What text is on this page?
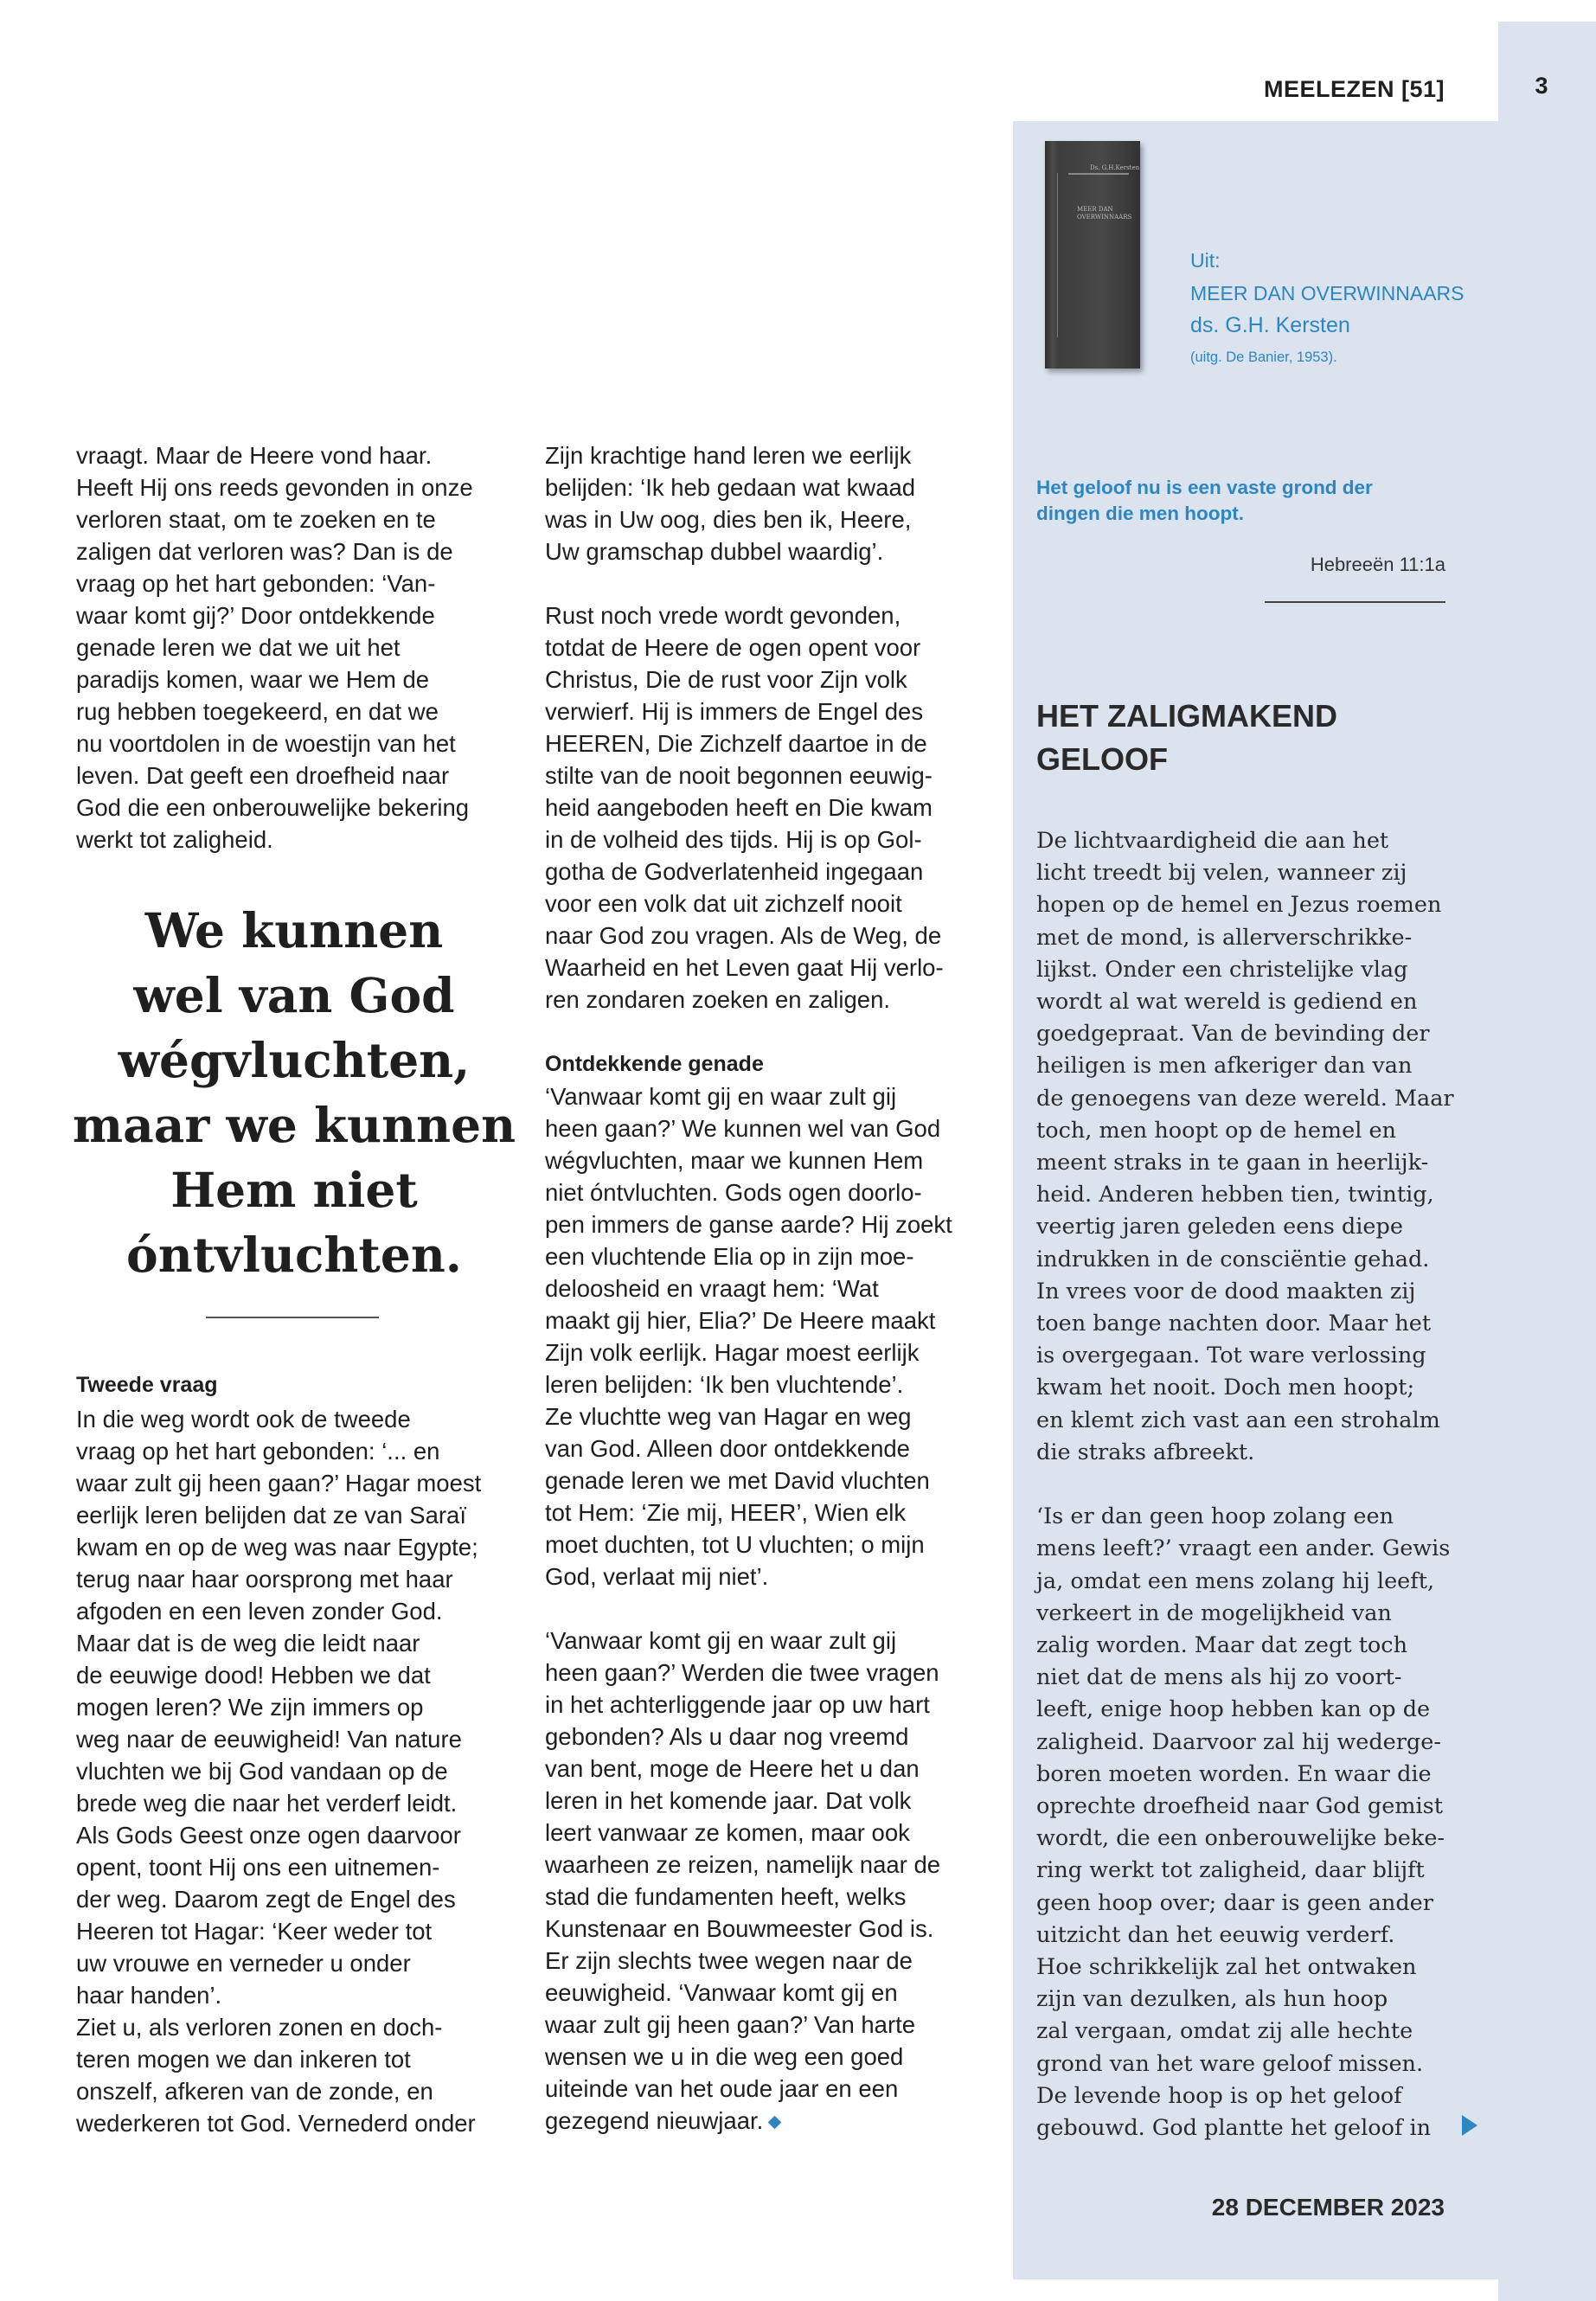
3
MEELEZEN [51]
Ds. G.H.Kersten
MEER DAN OVERWINNAARS
Uit:
MEER DAN OVERWINNAARS
ds. G.H. Kersten
(uitg. De Banier, 1953).
Het geloof nu is een vaste grond der
dingen die men hoopt.
Hebreeën 11:1a
HET ZALIGMAKEND
GELOOF
De lichtvaardigheid die aan het
licht treedt bij velen, wanneer zij
hopen op de hemel en Jezus roemen
met de mond, is allerverschrikke-
lijkst. Onder een christelijke vlag
wordt al wat wereld is gediend en
goedgepraat. Van de bevinding der
heiligen is men afkeriger dan van
de genoegens van deze wereld. Maar
toch, men hoopt op de hemel en
meent straks in te gaan in heerlijk-
heid. Anderen hebben tien, twintig,
veertig jaren geleden eens diepe
indrukken in de consciëntie gehad.
In vrees voor de dood maakten zij
toen bange nachten door. Maar het
is overgegaan. Tot ware verlossing
kwam het nooit. Doch men hoopt;
en klemt zich vast aan een strohalm
die straks afbreekt.
‘Is er dan geen hoop zolang een
mens leeft?’ vraagt een ander. Gewis
ja, omdat een mens zolang hij leeft,
verkeert in de mogelijkheid van
zalig worden. Maar dat zegt toch
niet dat de mens als hij zo voort-
leeft, enige hoop hebben kan op de
zaligheid. Daarvoor zal hij wederge-
boren moeten worden. En waar die
oprechte droefheid naar God gemist
wordt, die een onberouwelijke beke-
ring werkt tot zaligheid, daar blijft
geen hoop over; daar is geen ander
uitzicht dan het eeuwig verderf.
Hoe schrikkelijk zal het ontwaken
zijn van dezulken, als hun hoop
zal vergaan, omdat zij alle hechte
grond van het ware geloof missen.
De levende hoop is op het geloof
gebouwd. God plantte het geloof in
28 DECEMBER 2023
vraagt. Maar de Heere vond haar.
Heeft Hij ons reeds gevonden in onze
verloren staat, om te zoeken en te
zaligen dat verloren was? Dan is de
vraag op het hart gebonden: ‘Van-
waar komt gij?’ Door ontdekkende
genade leren we dat we uit het
paradijs komen, waar we Hem de
rug hebben toegekeerd, en dat we
nu voortdolen in de woestijn van het
leven. Dat geeft een droefheid naar
God die een onberouwelijke bekering
werkt tot zaligheid.
We kunnen
wel van God
wégvluchten,
maar we kunnen
Hem niet
óntvluchten.
Tweede vraag
In die weg wordt ook de tweede
vraag op het hart gebonden: ‘... en
waar zult gij heen gaan?’ Hagar moest
eerlijk leren belijden dat ze van Saraï
kwam en op de weg was naar Egypte;
terug naar haar oorsprong met haar
afgoden en een leven zonder God.
Maar dat is de weg die leidt naar
de eeuwige dood! Hebben we dat
mogen leren? We zijn immers op
weg naar de eeuwigheid! Van nature
vluchten we bij God vandaan op de
brede weg die naar het verderf leidt.
Als Gods Geest onze ogen daarvoor
opent, toont Hij ons een uitnemen-
der weg. Daarom zegt de Engel des
Heeren tot Hagar: ‘Keer weder tot
uw vrouwe en verneder u onder
haar handen’.
Ziet u, als verloren zonen en doch-
teren mogen we dan inkeren tot
onszelf, afkeren van de zonde, en
wederkeren tot God. Vernederd onder
Zijn krachtige hand leren we eerlijk
belijden: ‘Ik heb gedaan wat kwaad
was in Uw oog, dies ben ik, Heere,
Uw gramschap dubbel waardig’.
Rust noch vrede wordt gevonden,
totdat de Heere de ogen opent voor
Christus, Die de rust voor Zijn volk
verwierf. Hij is immers de Engel des
HEEREN, Die Zichzelf daartoe in de
stilte van de nooit begonnen eeuwig-
heid aangeboden heeft en Die kwam
in de volheid des tijds. Hij is op Gol-
gotha de Godverlatenheid ingegaan
voor een volk dat uit zichzelf nooit
naar God zou vragen. Als de Weg, de
Waarheid en het Leven gaat Hij verlo-
ren zondaren zoeken en zaligen.
Ontdekkende genade
‘Vanwaar komt gij en waar zult gij
heen gaan?’ We kunnen wel van God
wégvluchten, maar we kunnen Hem
niet óntvluchten. Gods ogen doorlo-
pen immers de ganse aarde? Hij zoekt
een vluchtende Elia op in zijn moe-
deloosheid en vraagt hem: ‘Wat
maakt gij hier, Elia?’ De Heere maakt
Zijn volk eerlijk. Hagar moest eerlijk
leren belijden: ‘Ik ben vluchtende’.
Ze vluchtte weg van Hagar en weg
van God. Alleen door ontdekkende
genade leren we met David vluchten
tot Hem: ‘Zie mij, HEER’, Wien elk
moet duchten, tot U vluchten; o mijn
God, verlaat mij niet’.
‘Vanwaar komt gij en waar zult gij
heen gaan?’ Werden die twee vragen
in het achterliggende jaar op uw hart
gebonden? Als u daar nog vreemd
van bent, moge de Heere het u dan
leren in het komende jaar. Dat volk
leert vanwaar ze komen, maar ook
waarheen ze reizen, namelijk naar de
stad die fundamenten heeft, welks
Kunstenaar en Bouwmeester God is.
Er zijn slechts twee wegen naar de
eeuwigheid. ‘Vanwaar komt gij en
waar zult gij heen gaan?’ Van harte
wensen we u in die weg een goed
uiteinde van het oude jaar en een
gezegend nieuwjaar.
